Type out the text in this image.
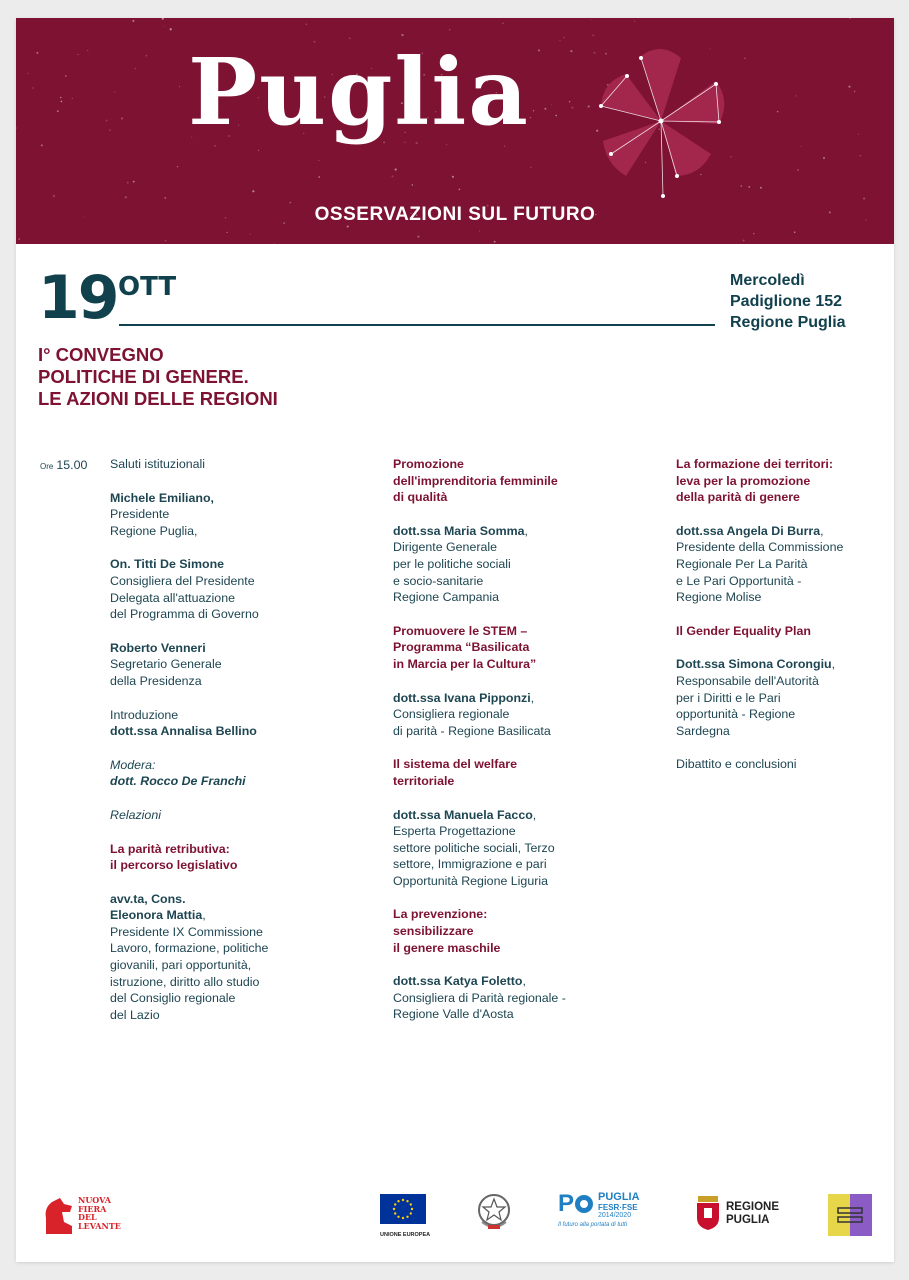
Puglia
OSSERVAZIONI SUL FUTURO
19 OTT	Mercoledì
Padiglione 152
Regione Puglia
I° CONVEGNO
POLITICHE DI GENERE.
LE AZIONI DELLE REGIONI
Ore 15.00 Saluti istituzionali
Michele Emiliano,
Presidente
Regione Puglia,
On. Titti De Simone
Consigliera del Presidente
Delegata all'attuazione
del Programma di Governo
Roberto Venneri
Segretario Generale
della Presidenza
Introduzione
dott.ssa Annalisa Bellino
Modera:
dott. Rocco De Franchi
Relazioni
La parità retributiva:
il percorso legislativo
avv.ta, Cons.
Eleonora Mattia,
Presidente IX Commissione
Lavoro, formazione, politiche
giovanili, pari opportunità,
istruzione, diritto allo studio
del Consiglio regionale
del Lazio
Promozione
dell'imprenditoria femminile
di qualità
dott.ssa Maria Somma,
Dirigente Generale
per le politiche sociali
e socio-sanitarie
Regione Campania
Promuovere le STEM –
Programma “Basilicata
in Marcia per la Cultura”
dott.ssa Ivana Pipponzi,
Consigliera regionale
di parità - Regione Basilicata
Il sistema del welfare
territoriale
dott.ssa Manuela Facco,
Esperta Progettazione
settore politiche sociali, Terzo
settore, Immigrazione e pari
Opportunità Regione Liguria
La prevenzione:
sensibilizzare
il genere maschile
dott.ssa Katya Foletto,
Consigliera di Parità regionale -
Regione Valle d'Aosta
La formazione dei territori:
leva per la promozione
della parità di genere
dott.ssa Angela Di Burra,
Presidente della Commissione
Regionale Per La Parità
e Le Pari Opportunità -
Regione Molise
Il Gender Equality Plan
Dott.ssa Simona Corongiu,
Responsabile dell'Autorità
per i Diritti e le Pari
opportunità - Regione
Sardegna
Dibattito e conclusioni
NUOVA
FIERA
DEL
LEVANTE
UNIONE EUROPEA
P PUGLIA
FESR·FSE
2014/2020
Il futuro alla portata di tutti
REGIONE
PUGLIA
